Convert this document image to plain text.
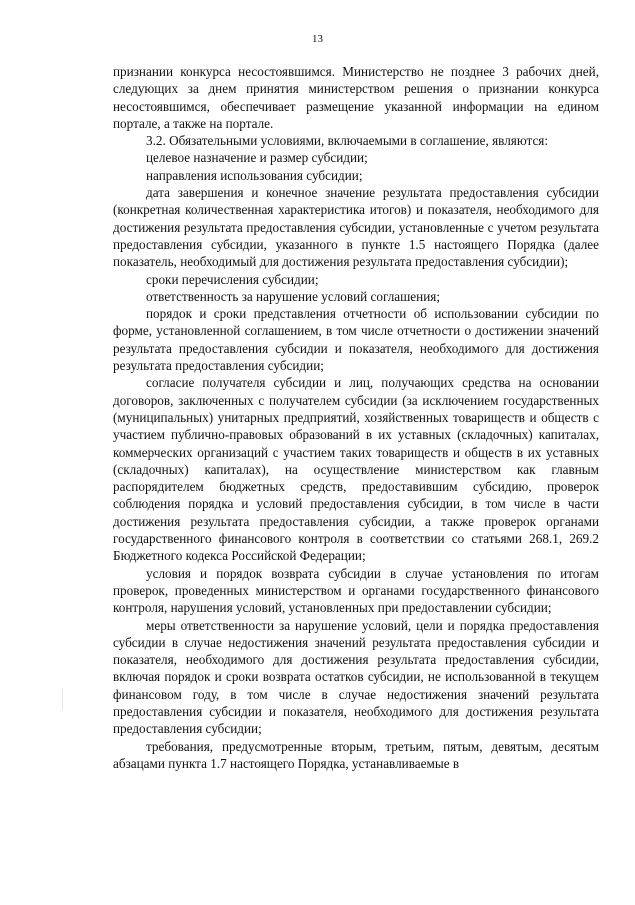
13

признании конкурса несостоявшимся. Министерство не позднее 3 рабочих дней, следующих за днем принятия министерством решения о признании конкурса несостоявшимся, обеспечивает размещение указанной информации на едином портале, а также на портале.

3.2. Обязательными условиями, включаемыми в соглашение, являются:

целевое назначение и размер субсидии;

направления использования субсидии;

дата завершения и конечное значение результата предоставления субсидии (конкретная количественная характеристика итогов) и показателя, необходимого для достижения результата предоставления субсидии, установленные с учетом результата предоставления субсидии, указанного в пункте 1.5 настоящего Порядка (далее показатель, необходимый для достижения результата предоставления субсидии);

сроки перечисления субсидии;

ответственность за нарушение условий соглашения;

порядок и сроки представления отчетности об использовании субсидии по форме, установленной соглашением, в том числе отчетности о достижении значений результата предоставления субсидии и показателя, необходимого для достижения результата предоставления субсидии;

согласие получателя субсидии и лиц, получающих средства на основании договоров, заключенных с получателем субсидии (за исключением государственных (муниципальных) унитарных предприятий, хозяйственных товариществ и обществ с участием публично-правовых образований в их уставных (складочных) капиталах, коммерческих организаций с участием таких товариществ и обществ в их уставных (складочных) капиталах), на осуществление министерством как главным распорядителем бюджетных средств, предоставившим субсидию, проверок соблюдения порядка и условий предоставления субсидии, в том числе в части достижения результата предоставления субсидии, а также проверок органами государственного финансового контроля в соответствии со статьями 268.1, 269.2 Бюджетного кодекса Российской Федерации;

условия и порядок возврата субсидии в случае установления по итогам проверок, проведенных министерством и органами государственного финансового контроля, нарушения условий, установленных при предоставлении субсидии;

меры ответственности за нарушение условий, цели и порядка предоставления субсидии в случае недостижения значений результата предоставления субсидии и показателя, необходимого для достижения результата предоставления субсидии, включая порядок и сроки возврата остатков субсидии, не использованной в текущем финансовом году, в том числе в случае недостижения значений результата предоставления субсидии и показателя, необходимого для достижения результата предоставления субсидии;

требования, предусмотренные вторым, третьим, пятым, девятым, десятым абзацами пункта 1.7 настоящего Порядка, устанавливаемые в
